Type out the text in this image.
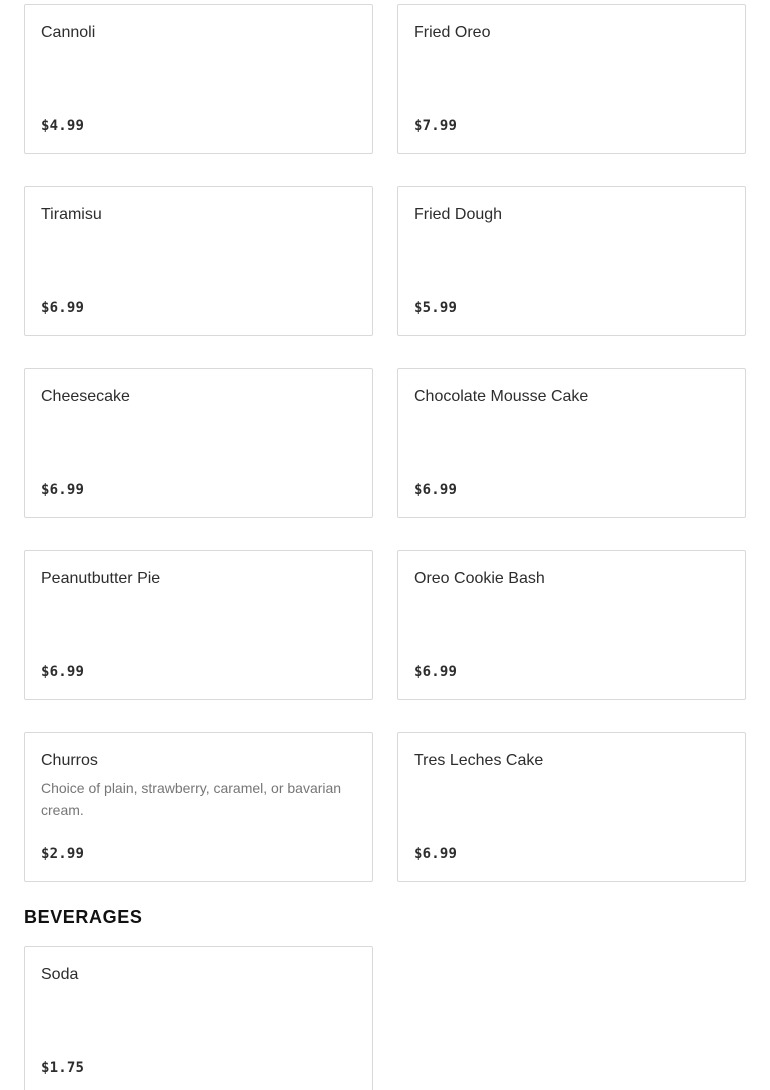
Cannoli
$4.99
Fried Oreo
$7.99
Tiramisu
$6.99
Fried Dough
$5.99
Cheesecake
$6.99
Chocolate Mousse Cake
$6.99
Peanutbutter Pie
$6.99
Oreo Cookie Bash
$6.99
Churros
Choice of plain, strawberry, caramel, or bavarian cream.
$2.99
Tres Leches Cake
$6.99
BEVERAGES
Soda
$1.75
